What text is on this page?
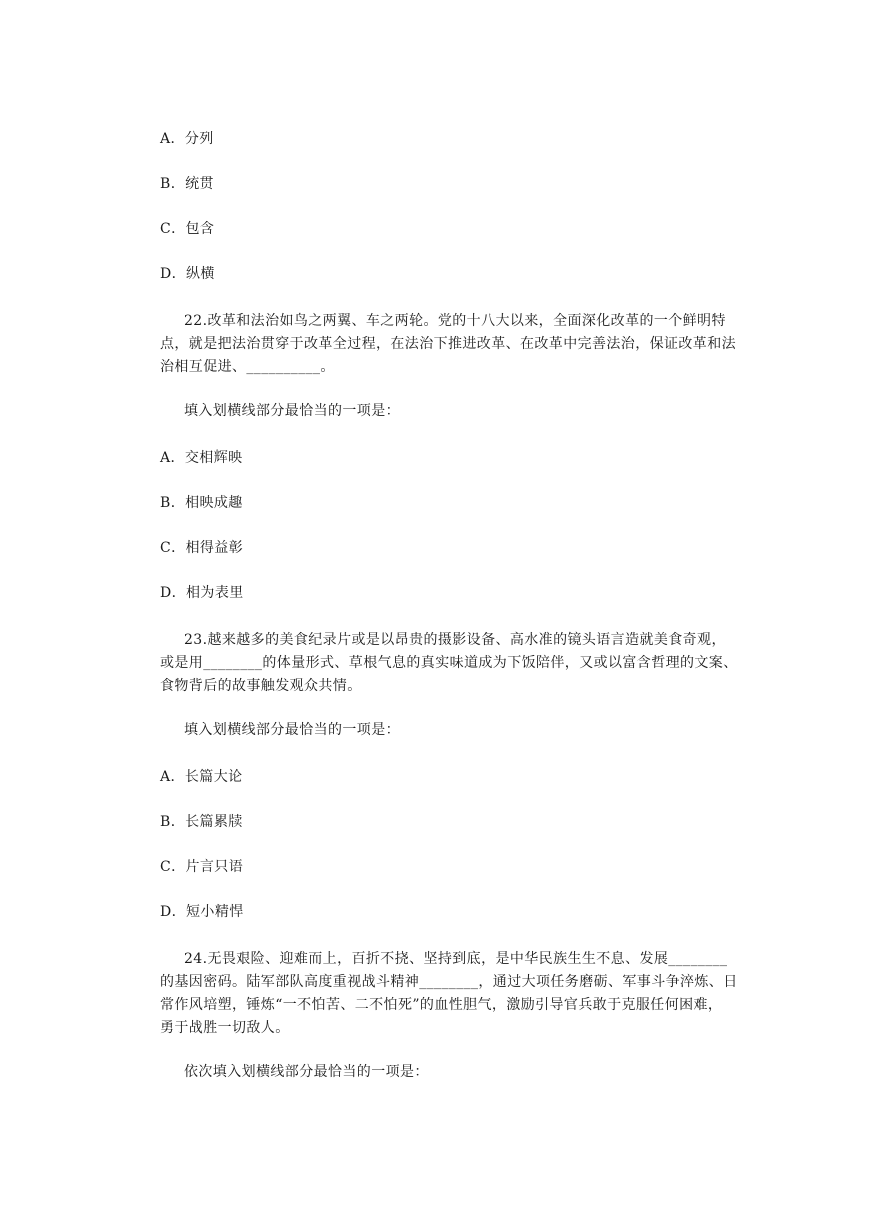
A．分列
B．统贯
C．包含
D．纵横
22.改革和法治如鸟之两翼、车之两轮。党的十八大以来，全面深化改革的一个鲜明特
点，就是把法治贯穿于改革全过程，在法治下推进改革、在改革中完善法治，保证改革和法
治相互促进、__________。
填入划横线部分最恰当的一项是：
A．交相辉映
B．相映成趣
C．相得益彰
D．相为表里
23.越来越多的美食纪录片或是以昂贵的摄影设备、高水准的镜头语言造就美食奇观，
或是用________的体量形式、草根气息的真实味道成为下饭陪伴，又或以富含哲理的文案、
食物背后的故事触发观众共情。
填入划横线部分最恰当的一项是：
A．长篇大论
B．长篇累牍
C．片言只语
D．短小精悍
24.无畏艰险、迎难而上，百折不挠、坚持到底，是中华民族生生不息、发展________
的基因密码。陆军部队高度重视战斗精神________，通过大项任务磨砺、军事斗争淬炼、日
常作风培塑，锤炼“一不怕苦、二不怕死”的血性胆气，激励引导官兵敢于克服任何困难，
勇于战胜一切敌人。
依次填入划横线部分最恰当的一项是：
